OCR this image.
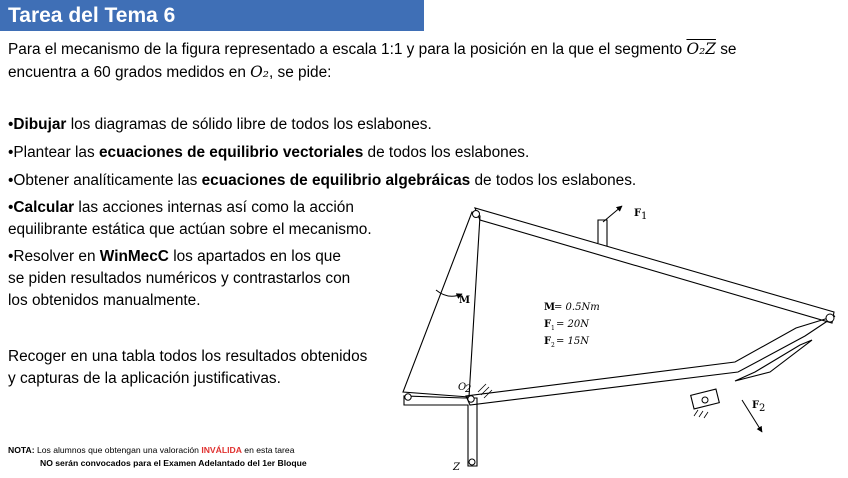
Tarea del Tema 6
Para el mecanismo de la figura representado a escala 1:1 y para la posición en la que el segmento O₂Z se
encuentra a 60 grados medidos en O₂, se pide:
•Dibujar los diagramas de sólido libre de todos los eslabones.
•Plantear las ecuaciones de equilibrio vectoriales de todos los eslabones.
•Obtener analíticamente las ecuaciones de equilibrio algebráicas de todos los eslabones.
•Calcular las acciones internas así como la acción
equilibrante estática que actúan sobre el mecanismo.
•Resolver en WinMecC los apartados en los que
se piden resultados numéricos y contrastarlos con
los obtenidos manualmente.
Recoger en una tabla todos los resultados obtenidos
y capturas de la aplicación justificativas.
NOTA: Los alumnos que obtengan una valoración INVÁLIDA en esta tarea
NO serán convocados para el Examen Adelantado del 1er Bloque
M
F 1
F 2
O
2
Z
M
= 0.5Nm
F 1 = 20N
F 2 = 15N
